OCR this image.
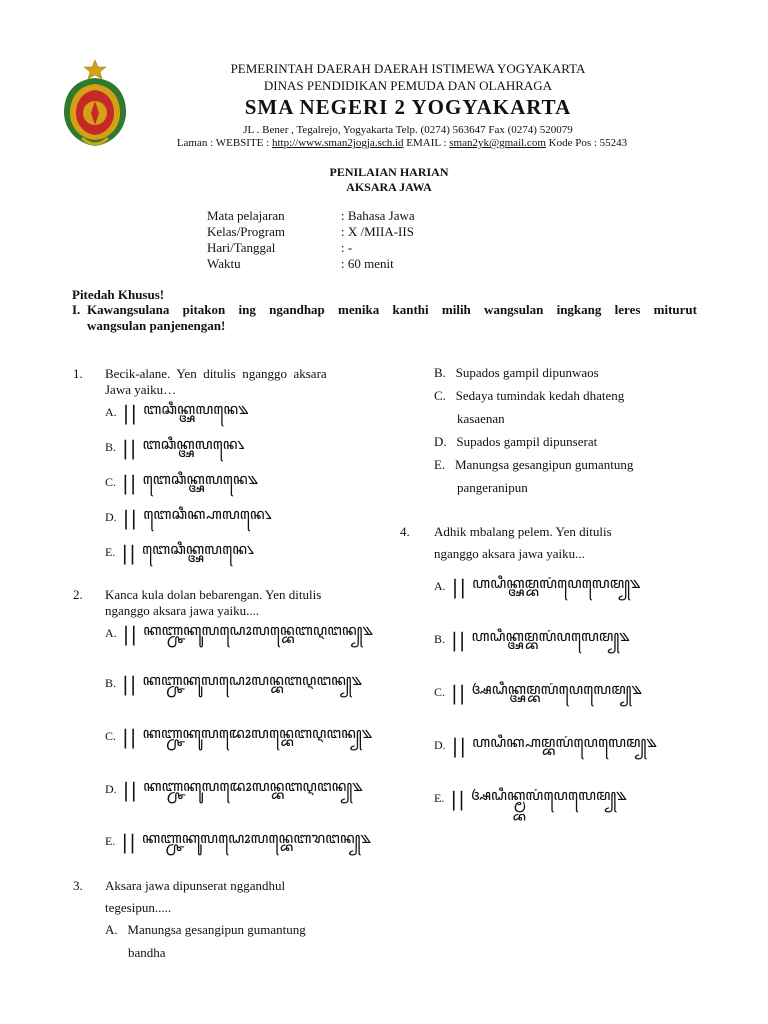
PEMERINTAH DAERAH DAERAH ISTIMEWA YOGYAKARTA
DINAS PENDIDIKAN PEMUDA DAN OLAHRAGA
SMA NEGERI 2 YOGYAKARTA
JL . Bener , Tegalrejo, Yogyakarta Telp. (0274) 563647 Fax (0274) 520079
Laman : WEBSITE : http://www.sman2jogja.sch.id EMAIL : sman2yk@gmail.com Kode Pos : 55243
PENILAIAN HARIAN
AKSARA JAWA
Mata pelajaran	: Bahasa Jawa
Kelas/Program	: X /MIIA-IIS
Hari/Tanggal	: -
Waktu	: 60 menit
Pitedah Khusus!
I. Kawangsulana pitakon ing ngandhap menika kanthi milih wangsulan ingkang leres miturut
wangsulan panjenengan!
1. Becik-alane.  Yen  ditulis  nganggo  aksara
Jawa yaiku…
A. || ꦧꦕꦶꦏ꧀ꦄꦭꦤꦺ꧉
B. || ꦧꦕꦶꦏ꧀ꦄꦭꦤꦺ꧈
C. || ꦧꦺꦕꦶꦏ꧀ꦄꦭꦤꦺ꧉
D. || ꦧꦺꦕꦶꦏ꧀ꦲꦭꦤꦺ꧈
E. || ꦧꦺꦕꦶꦏ꧀ꦄꦭꦤꦺ꧈
2. Kanca kula dolan bebarengan. Yen ditulis
nganggo aksara jawa yaiku....
A. || ꦏꦚ꧀ꦕꦏꦸꦭꦝꦺꦴꦭꦤ꧀ꦧꦺꦧꦉꦔꦤ꧀꧉
B. || ꦏꦚ꧀ꦕꦏꦸꦭꦝꦺꦴꦭꦤ꧀ꦧꦧꦉꦔꦤ꧀꧉
C. || ꦏꦚ꧀ꦕꦏꦸꦭꦢꦺꦴꦭꦤ꧀ꦧꦺꦧꦉꦔꦤ꧀꧉
D. || ꦏꦚ꧀ꦕꦏꦸꦭꦢꦺꦴꦭꦤ꧀ꦧꦧꦉꦔꦤ꧀꧉
E. || ꦏꦚ꧀ꦕꦏꦸꦭꦝꦺꦴꦭꦤ꧀ꦧꦺꦧꦫꦔꦤ꧀꧉
3. Aksara jawa dipunserat nggandhul
tegesipun.....
A. Manungsa gesangipun gumantung
bandha
B. Supados gampil dipunwaos
C. Sedaya tumindak kedah dhateng
kasaenan
D. Supados gampil dipunserat
E. Manungsa gesangipun gumantung
pangeranipun
4. Adhik mbalang pelem. Yen ditulis
nganggo aksara jawa yaiku...
A. || ꦲꦝꦶꦏ꧀ꦄꦩ꧀ꦧꦭꦁꦥꦺꦭꦺꦩ꧀꧉
B. || ꦲꦝꦶꦏ꧀ꦄꦩ꧀ꦧꦭꦁꦥꦭꦺꦩ꧀꧉
C. || ꦄꦝꦶꦏ꧀ꦄꦩ꧀ꦧꦭꦁꦥꦺꦭꦺꦩ꧀꧉
D. || ꦲꦝꦶꦏ꧀ꦲꦩ꧀ꦧꦭꦁꦥꦺꦭꦺꦩ꧀꧉
E. || ꦄꦝꦶꦏ꧀ꦩ꧀ꦧꦭꦁꦥꦺꦭꦺꦩ꧀꧉
